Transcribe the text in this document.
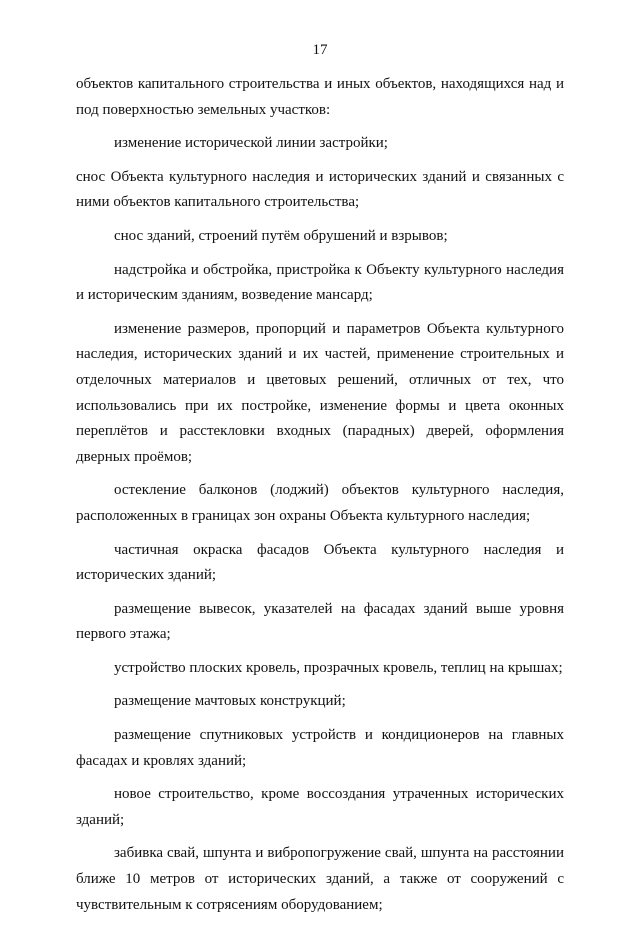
17

объектов капитального строительства и иных объектов, находящихся над и под поверхностью земельных участков:

изменение исторической линии застройки;

снос Объекта культурного наследия и исторических зданий и связанных с ними объектов капитального строительства;

снос зданий, строений путём обрушений и взрывов;

надстройка и обстройка, пристройка к Объекту культурного наследия и историческим зданиям, возведение мансард;

изменение размеров, пропорций и параметров Объекта культурного наследия, исторических зданий и их частей, применение строительных и отделочных материалов и цветовых решений, отличных от тех, что использовались при их постройке, изменение формы и цвета оконных переплётов и расстекловки входных (парадных) дверей, оформления дверных проёмов;

остекление балконов (лоджий) объектов культурного наследия, расположенных в границах зон охраны Объекта культурного наследия;

частичная окраска фасадов Объекта культурного наследия и исторических зданий;

размещение вывесок, указателей на фасадах зданий выше уровня первого этажа;

устройство плоских кровель, прозрачных кровель, теплиц на крышах;

размещение мачтовых конструкций;

размещение спутниковых устройств и кондиционеров на главных фасадах и кровлях зданий;

новое строительство, кроме воссоздания утраченных исторических зданий;

забивка свай, шпунта и вибропогружение свай, шпунта на расстоянии ближе 10 метров от исторических зданий, а также от сооружений с чувствительным к сотрясениям оборудованием;
